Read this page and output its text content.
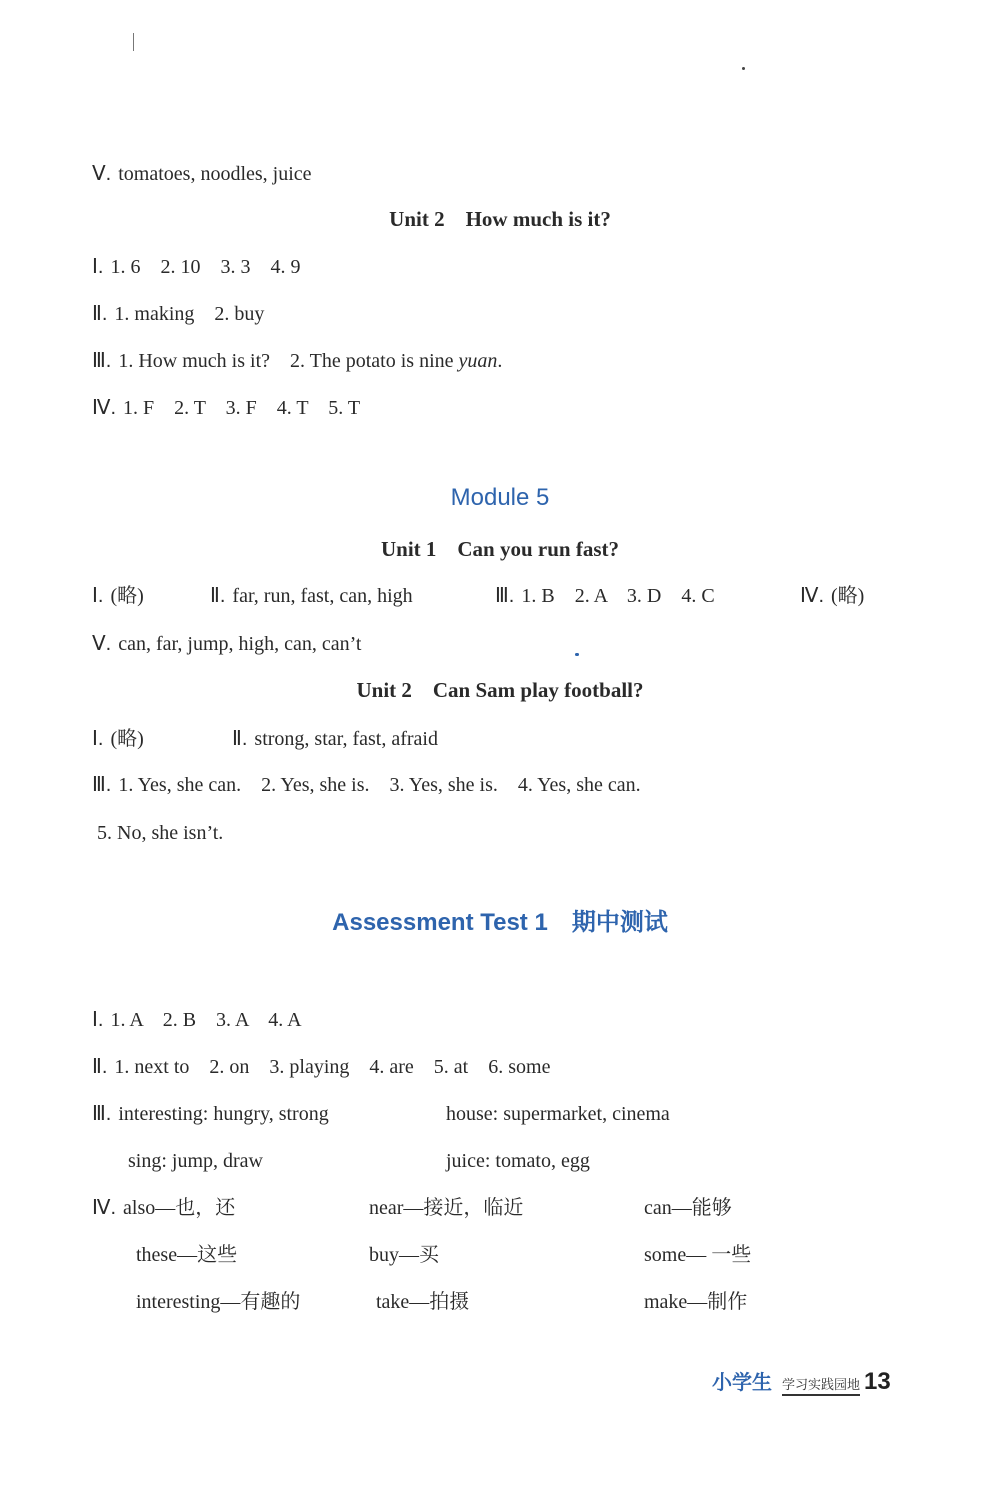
Ⅴ. tomatoes, noodles, juice
Unit 2　How much is it?
Ⅰ. 1. 6　2. 10　3. 3　4. 9
Ⅱ. 1. making　2. buy
Ⅲ. 1. How much is it?　2. The potato is nine yuan.
Ⅳ. 1. F　2. T　3. F　4. T　5. T
Module 5
Unit 1　Can you run fast?
Ⅰ. (略)	Ⅱ. far, run, fast, can, high	Ⅲ. 1. B　2. A　3. D　4. C	Ⅳ. (略)
Ⅴ. can, far, jump, high, can, can’t
Unit 2　Can Sam play football?
Ⅰ. (略)	Ⅱ. strong, star, fast, afraid
Ⅲ. 1. Yes, she can.　2. Yes, she is.　3. Yes, she is.　4. Yes, she can.
5. No, she isn’t.
Assessment Test 1　期中测试
Ⅰ. 1. A　2. B　3. A　4. A
Ⅱ. 1. next to　2. on　3. playing　4. are　5. at　6. some
Ⅲ. interesting: hungry, strong	house: supermarket, cinema
sing: jump, draw	juice: tomato, egg
Ⅳ. also—也，还	near—接近，临近	can—能够
these—这些	buy—买	some— 一些
interesting—有趣的	take—拍摄	make—制作
小学生 学习实践园地 13
